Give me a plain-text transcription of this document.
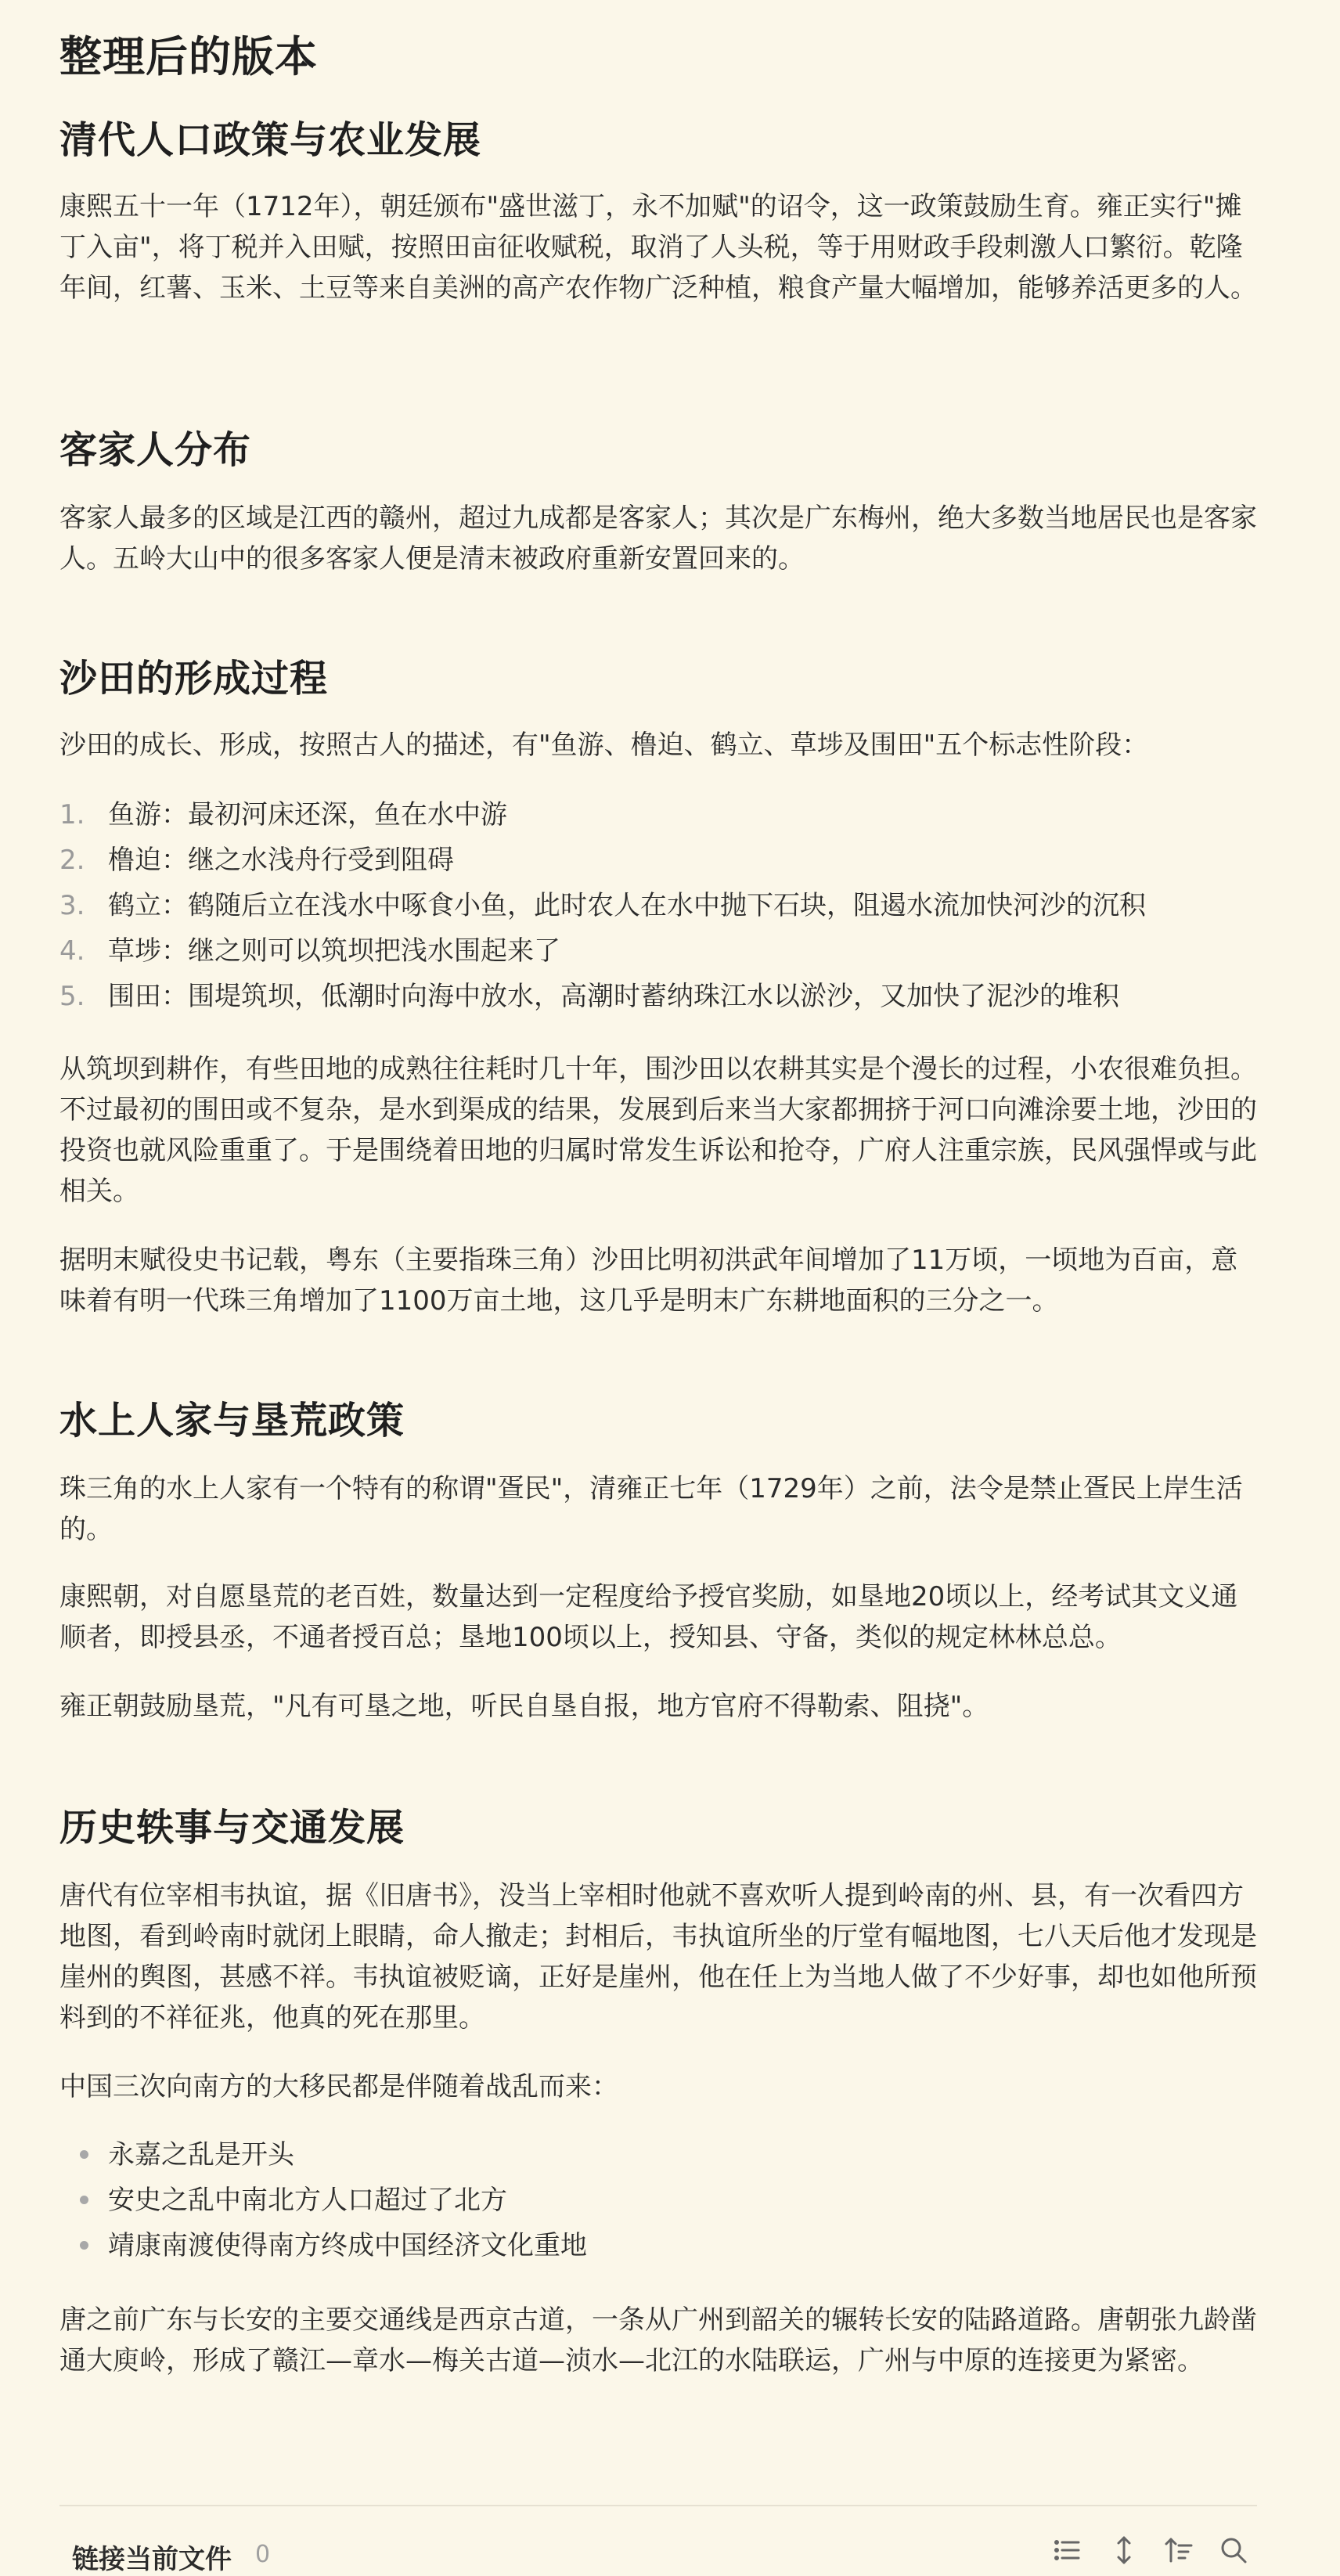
整理后的版本
清代人口政策与农业发展

康熙五十一年（1712年），朝廷颁布"盛世滋丁，永不加赋"的诏令，这一政策鼓励生育。雍正实行"摊丁入亩"，将丁税并入田赋，按照田亩征收赋税，取消了人头税，等于用财政手段刺激人口繁衍。乾隆年间，红薯、玉米、土豆等来自美洲的高产农作物广泛种植，粮食产量大幅增加，能够养活更多的人。

客家人分布

客家人最多的区域是江西的赣州，超过九成都是客家人；其次是广东梅州，绝大多数当地居民也是客家人。五岭大山中的很多客家人便是清末被政府重新安置回来的。

沙田的形成过程

沙田的成长、形成，按照古人的描述，有"鱼游、橹迫、鹤立、草埗及围田"五个标志性阶段：

1. 鱼游：最初河床还深，鱼在水中游
2. 橹迫：继之水浅舟行受到阻碍
3. 鹤立：鹤随后立在浅水中啄食小鱼，此时农人在水中抛下石块，阻遏水流加快河沙的沉积
4. 草埗：继之则可以筑坝把浅水围起来了
5. 围田：围堤筑坝，低潮时向海中放水，高潮时蓄纳珠江水以淤沙，又加快了泥沙的堆积

从筑坝到耕作，有些田地的成熟往往耗时几十年，围沙田以农耕其实是个漫长的过程，小农很难负担。不过最初的围田或不复杂，是水到渠成的结果，发展到后来当大家都拥挤于河口向滩涂要土地，沙田的投资也就风险重重了。于是围绕着田地的归属时常发生诉讼和抢夺，广府人注重宗族，民风强悍或与此相关。

据明末赋役史书记载，粤东（主要指珠三角）沙田比明初洪武年间增加了11万顷，一顷地为百亩，意味着有明一代珠三角增加了1100万亩土地，这几乎是明末广东耕地面积的三分之一。

水上人家与垦荒政策

珠三角的水上人家有一个特有的称谓"疍民"，清雍正七年（1729年）之前，法令是禁止疍民上岸生活的。

康熙朝，对自愿垦荒的老百姓，数量达到一定程度给予授官奖励，如垦地20顷以上，经考试其文义通顺者，即授县丞，不通者授百总；垦地100顷以上，授知县、守备，类似的规定林林总总。

雍正朝鼓励垦荒，"凡有可垦之地，听民自垦自报，地方官府不得勒索、阻挠"。

历史轶事与交通发展

唐代有位宰相韦执谊，据《旧唐书》，没当上宰相时他就不喜欢听人提到岭南的州、县，有一次看四方地图，看到岭南时就闭上眼睛，命人撤走；封相后，韦执谊所坐的厅堂有幅地图，七八天后他才发现是崖州的舆图，甚感不祥。韦执谊被贬谪，正好是崖州，他在任上为当地人做了不少好事，却也如他所预料到的不祥征兆，他真的死在那里。

中国三次向南方的大移民都是伴随着战乱而来：

永嘉之乱是开头
安史之乱中南北方人口超过了北方
靖康南渡使得南方终成中国经济文化重地

唐之前广东与长安的主要交通线是西京古道，一条从广州到韶关的辗转长安的陆路道路。唐朝张九龄凿通大庾岭，形成了赣江—章水—梅关古道—浈水—北江的水陆联运，广州与中原的连接更为紧密。

链接当前文件 0
